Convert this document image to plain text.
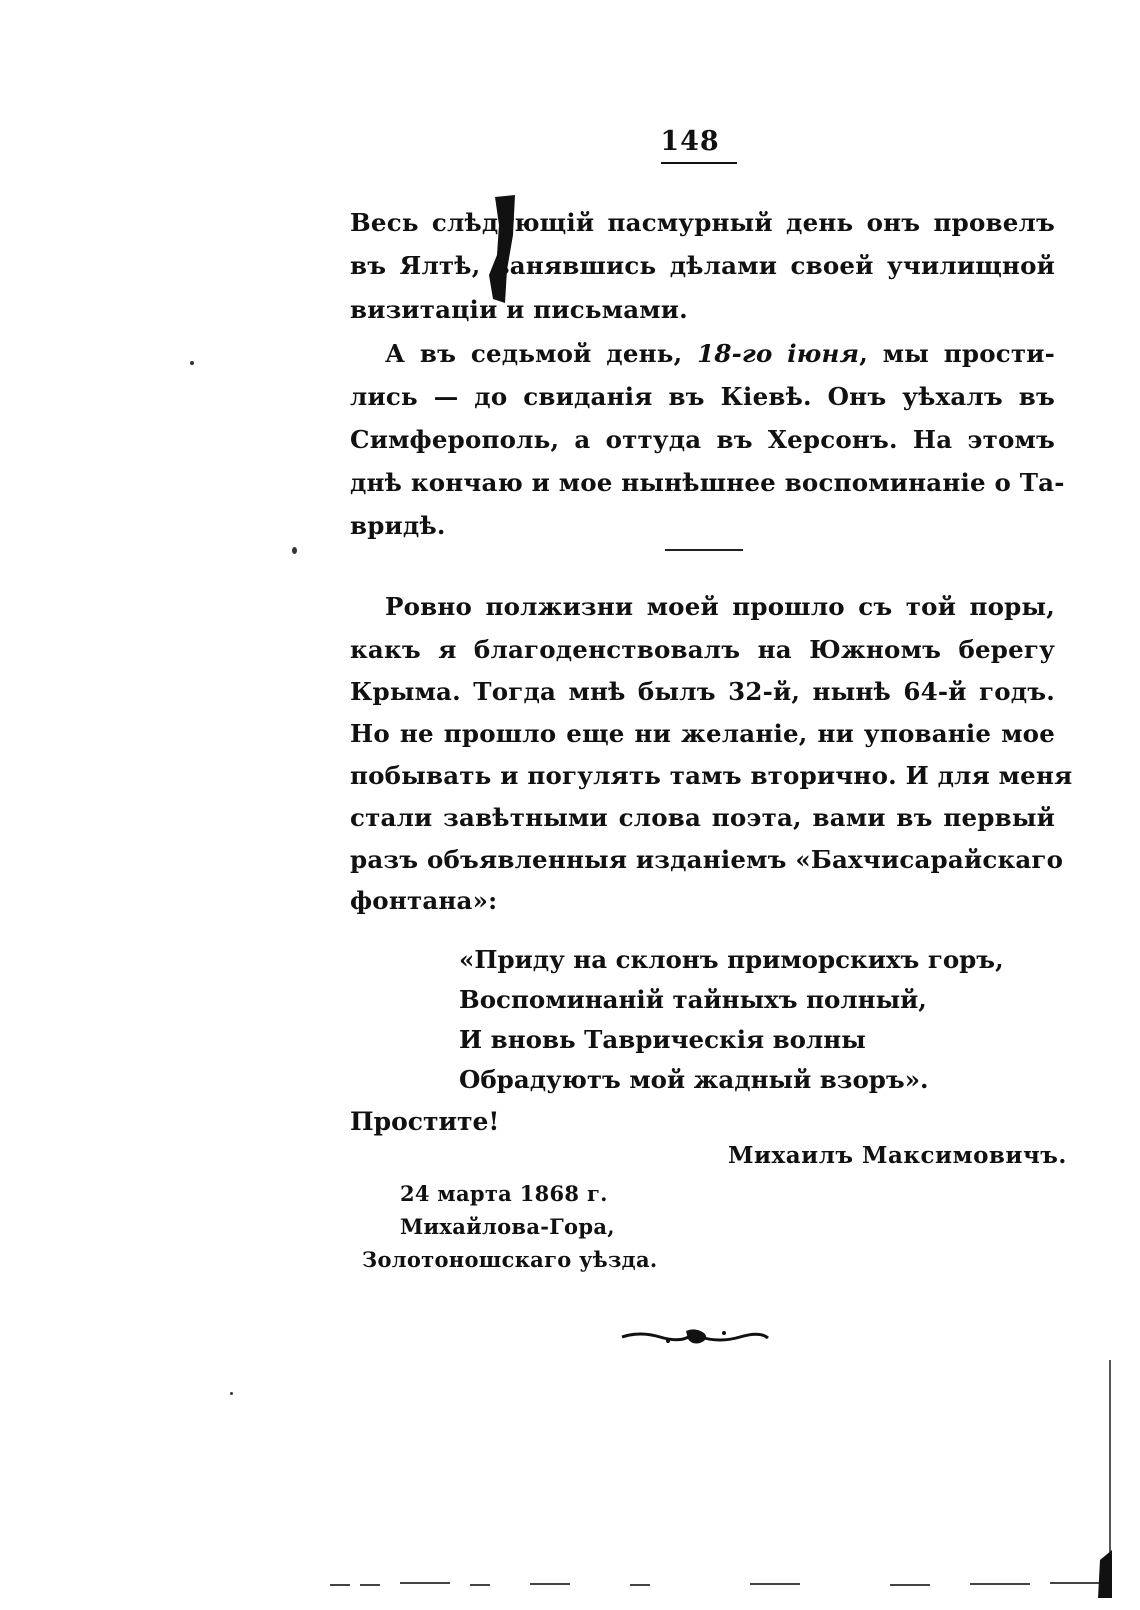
148
Весь слѣдующій пасмурный день онъ провелъ
въ Ялтѣ, занявшись дѣлами своей училищной
визитаціи и письмами.
А въ седьмой день, 18-го іюня, мы прости-
лись — до свиданія въ Кіевѣ. Онъ уѣхалъ въ
Симферополь, а оттуда въ Херсонъ. На этомъ
днѣ кончаю и мое нынѣшнее воспоминаніе о Та-
вридѣ.
Ровно полжизни моей прошло съ той поры,
какъ я благоденствовалъ на Южномъ берегу
Крыма. Тогда мнѣ былъ 32-й, нынѣ 64-й годъ.
Но не прошло еще ни желаніе, ни упованіе мое
побывать и погулять тамъ вторично. И для меня
стали завѣтными слова поэта, вами въ первый
разъ объявленныя изданіемъ «Бахчисарайскаго
фонтана»:
«Приду на склонъ приморскихъ горъ,
Воспоминаній тайныхъ полный,
И вновь Таврическія волны
Обрадуютъ мой жадный взоръ».
Простите!
Михаилъ Максимовичъ.
24 марта 1868 г.
Михайлова-Гора,
Золотоношскаго уѣзда.
